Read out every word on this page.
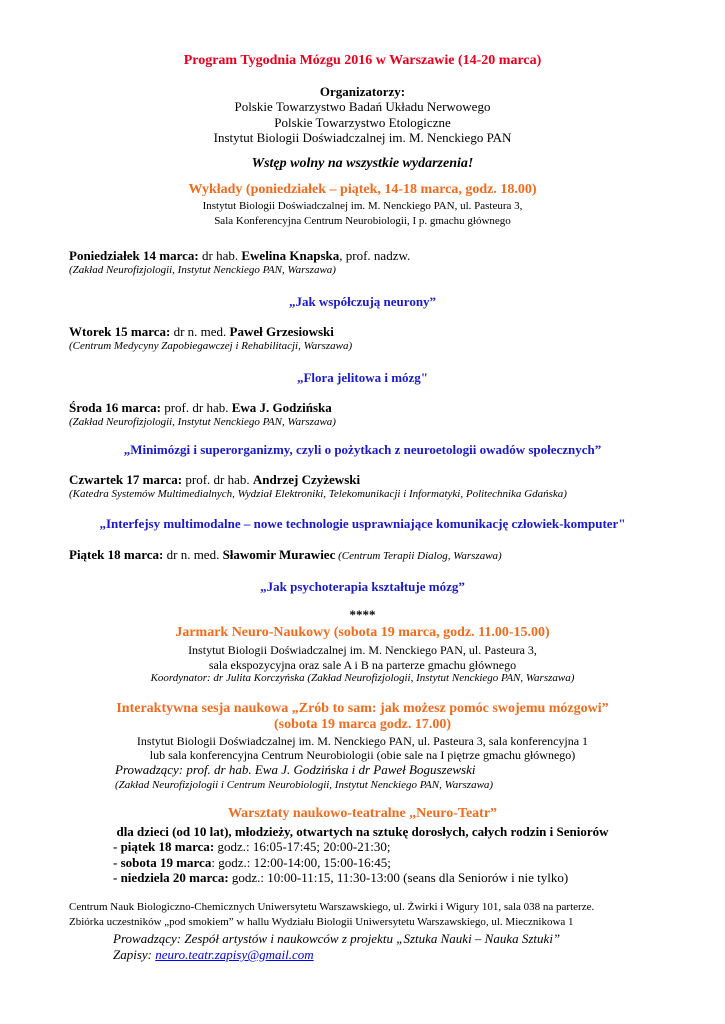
Program Tygodnia Mózgu 2016 w Warszawie (14-20 marca)
Organizatorzy:
Polskie Towarzystwo Badań Układu Nerwowego
Polskie Towarzystwo Etologiczne
Instytut Biologii Doświadczalnej im. M. Nenckiego PAN
Wstęp wolny na wszystkie wydarzenia!
Wykłady (poniedziałek – piątek, 14-18 marca, godz. 18.00)
Instytut Biologii Doświadczalnej im. M. Nenckiego PAN, ul. Pasteura 3,
Sala Konferencyjna Centrum Neurobiologii, I p. gmachu głównego
Poniedziałek 14 marca: dr hab. Ewelina Knapska, prof. nadzw.
(Zakład Neurofizjologii, Instytut Nenckiego PAN, Warszawa)
„Jak współczują neurony”
Wtorek 15 marca: dr n. med. Paweł Grzesiowski
(Centrum Medycyny Zapobiegawczej i Rehabilitacji, Warszawa)
„Flora jelitowa i mózg"
Środa 16 marca: prof. dr hab. Ewa J. Godzińska
(Zakład Neurofizjologii, Instytut Nenckiego PAN, Warszawa)
„Minimózgi i superorganizmy, czyli o pożytkach z neuroetologii owadów społecznych”
Czwartek 17 marca: prof. dr hab. Andrzej Czyżewski
(Katedra Systemów Multimedialnych, Wydział Elektroniki, Telekomunikacji i Informatyki, Politechnika Gdańska)
„Interfejsy multimodalne – nowe technologie usprawniające komunikację człowiek-komputer"
Piątek 18 marca: dr n. med. Sławomir Murawiec (Centrum Terapii Dialog, Warszawa)
„Jak psychoterapia kształtuje mózg”
****
Jarmark Neuro-Naukowy (sobota 19 marca, godz. 11.00-15.00)
Instytut Biologii Doświadczalnej im. M. Nenckiego PAN, ul. Pasteura 3,
sala ekspozycyjna oraz sale A i B na parterze gmachu głównego
Koordynator: dr Julita Korczyńska (Zakład Neurofizjologii, Instytut Nenckiego PAN, Warszawa)
Interaktywna sesja naukowa „Zrób to sam: jak możesz pomóc swojemu mózgowi”
(sobota 19 marca godz. 17.00)
Instytut Biologii Doświadczalnej im. M. Nenckiego PAN, ul. Pasteura 3, sala konferencyjna 1
lub sala konferencyjna Centrum Neurobiologii (obie sale na I piętrze gmachu głównego)
Prowadzący: prof. dr hab. Ewa J. Godzińska i dr Paweł Boguszewski
(Zakład Neurofizjologii i Centrum Neurobiologii, Instytut Nenckiego PAN, Warszawa)
Warsztaty naukowo-teatralne „Neuro-Teatr”
dla dzieci (od 10 lat), młodzieży, otwartych na sztukę dorosłych, całych rodzin i Seniorów
- piątek 18 marca: godz.: 16:05-17:45; 20:00-21:30;
- sobota 19 marca: godz.: 12:00-14:00, 15:00-16:45;
- niedziela 20 marca: godz.: 10:00-11:15, 11:30-13:00 (seans dla Seniorów i nie tylko)
Centrum Nauk Biologiczno-Chemicznych Uniwersytetu Warszawskiego, ul. Żwirki i Wigury 101, sala 038 na parterze.
Zbiórka uczestników „pod smokiem” w hallu Wydziału Biologii Uniwersytetu Warszawskiego, ul. Miecznikowa 1
Prowadzący: Zespół artystów i naukowców z projektu „Sztuka Nauki – Nauka Sztuki”
Zapisy: neuro.teatr.zapisy@gmail.com
